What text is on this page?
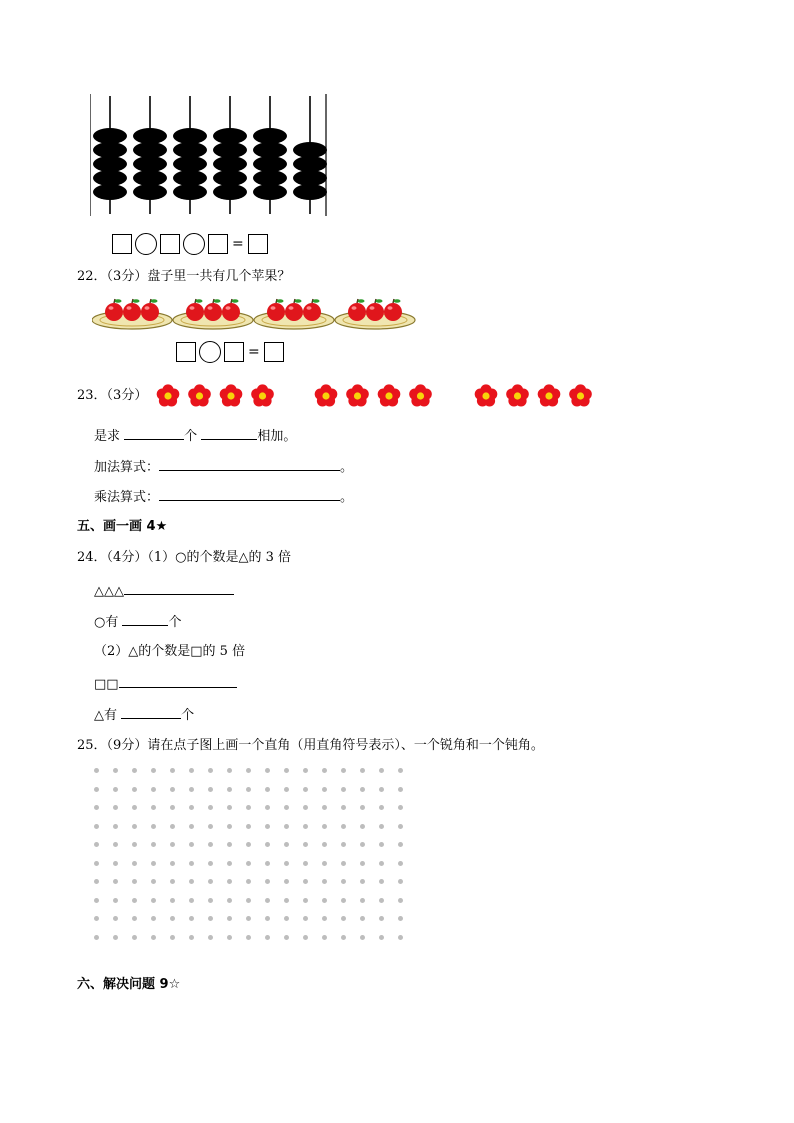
=
22．（3分）盘子里一共有几个苹果？
=
23．（3分）
是求	个	相加。
加法算式：	。
乘法算式：	。
五、画一画 4★
24．（4分）（1）○的个数是△的 3 倍
△△△
○有	个
（2）△的个数是□的 5 倍
□□
△有	个
25．（9分）请在点子图上画一个直角（用直角符号表示）、一个锐角和一个钝角。
六、解决问题 9☆
